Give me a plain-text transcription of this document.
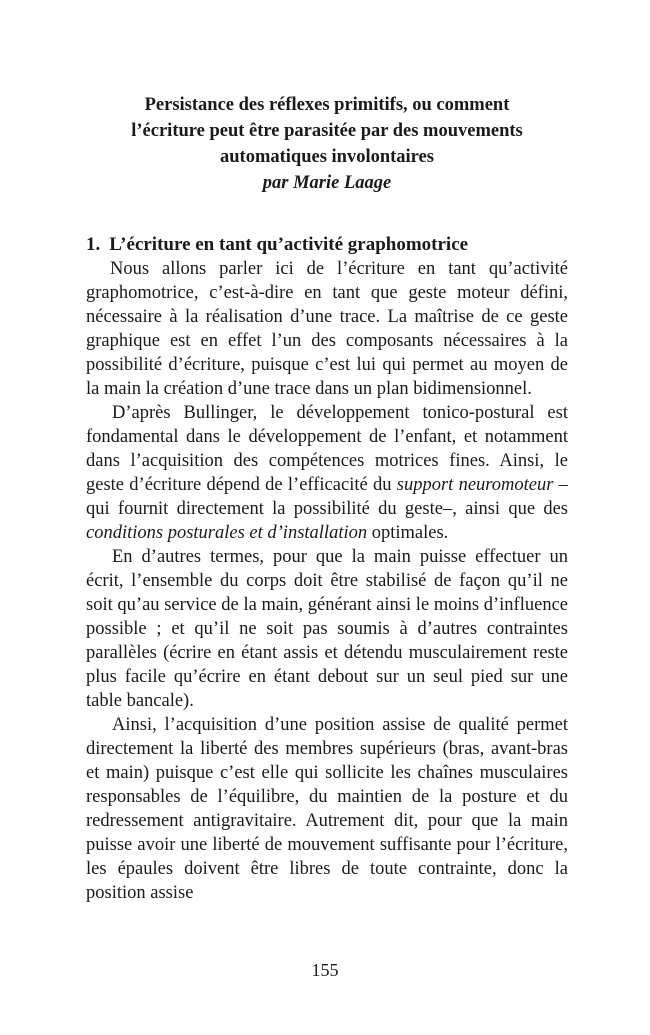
Persistance des réflexes primitifs, ou comment
l’écriture peut être parasitée par des mouvements
automatiques involontaires
par Marie Laage
1. L’écriture en tant qu’activité graphomotrice

Nous allons parler ici de l’écriture en tant qu’activité graphomotrice, c’est-à-dire en tant que geste moteur défini, nécessaire à la réalisation d’une trace. La maîtrise de ce geste graphique est en effet l’un des composants nécessaires à la possibilité d’écriture, puisque c’est lui qui permet au moyen de la main la création d’une trace dans un plan bidimensionnel.

D’après Bullinger, le développement tonico-postural est fondamental dans le développement de l’enfant, et notamment dans l’acquisition des compétences motrices fines. Ainsi, le geste d’écriture dépend de l’efficacité du support neuromoteur –qui fournit directement la possibilité du geste–, ainsi que des conditions posturales et d’installation optimales.

En d’autres termes, pour que la main puisse effectuer un écrit, l’ensemble du corps doit être stabilisé de façon qu’il ne soit qu’au service de la main, générant ainsi le moins d’influence possible ; et qu’il ne soit pas soumis à d’autres contraintes parallèles (écrire en étant assis et détendu musculairement reste plus facile qu’écrire en étant debout sur un seul pied sur une table bancale).

Ainsi, l’acquisition d’une position assise de qualité permet directement la liberté des membres supérieurs (bras, avant-bras et main) puisque c’est elle qui sollicite les chaînes musculaires responsables de l’équilibre, du maintien de la posture et du redressement antigravitaire. Autrement dit, pour que la main puisse avoir une liberté de mouvement suffisante pour l’écriture, les épaules doivent être libres de toute contrainte, donc la position assise

155
